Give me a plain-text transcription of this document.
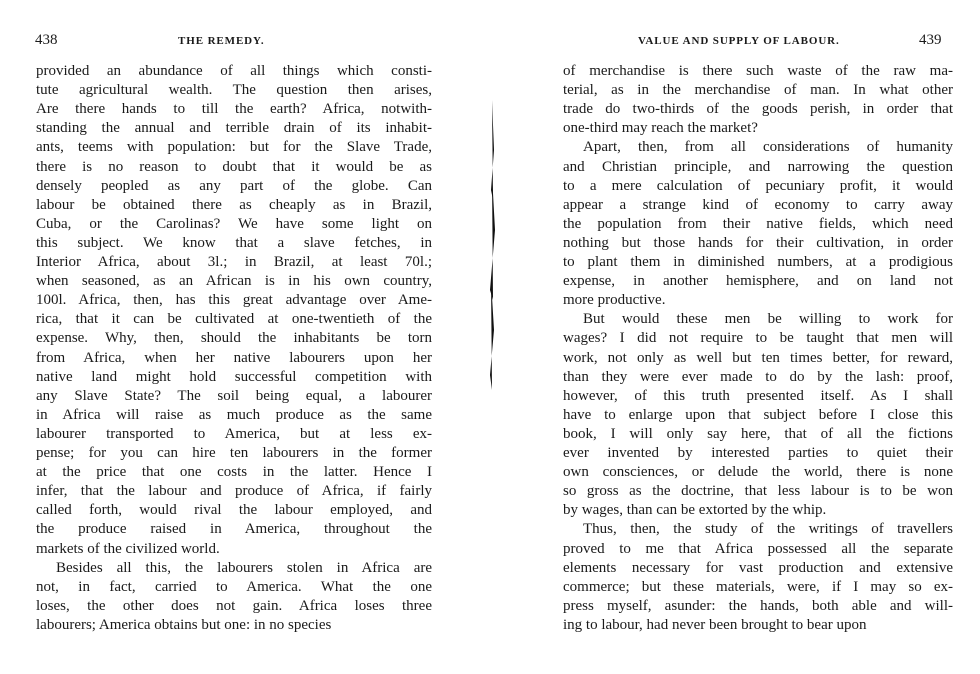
438	THE REMEDY.
provided an abundance of all things which consti-
tute agricultural wealth. The question then arises,
Are there hands to till the earth? Africa, notwith-
standing the annual and terrible drain of its inhabit-
ants, teems with population: but for the Slave Trade,
there is no reason to doubt that it would be as
densely peopled as any part of the globe. Can
labour be obtained there as cheaply as in Brazil,
Cuba, or the Carolinas? We have some light on
this subject. We know that a slave fetches, in
Interior Africa, about 3l.; in Brazil, at least 70l.;
when seasoned, as an African is in his own country,
100l. Africa, then, has this great advantage over Ame-
rica, that it can be cultivated at one-twentieth of the
expense. Why, then, should the inhabitants be torn
from Africa, when her native labourers upon her
native land might hold successful competition with
any Slave State? The soil being equal, a labourer
in Africa will raise as much produce as the same
labourer transported to America, but at less ex-
pense; for you can hire ten labourers in the former
at the price that one costs in the latter. Hence I
infer, that the labour and produce of Africa, if fairly
called forth, would rival the labour employed, and
the produce raised in America, throughout the
markets of the civilized world.
Besides all this, the labourers stolen in Africa are
not, in fact, carried to America. What the one
loses, the other does not gain. Africa loses three
labourers; America obtains but one: in no species
VALUE AND SUPPLY OF LABOUR.	439
of merchandise is there such waste of the raw ma-
terial, as in the merchandise of man. In what other
trade do two-thirds of the goods perish, in order that
one-third may reach the market?
Apart, then, from all considerations of humanity
and Christian principle, and narrowing the question
to a mere calculation of pecuniary profit, it would
appear a strange kind of economy to carry away
the population from their native fields, which need
nothing but those hands for their cultivation, in order
to plant them in diminished numbers, at a prodigious
expense, in another hemisphere, and on land not
more productive.
But would these men be willing to work for
wages? I did not require to be taught that men will
work, not only as well but ten times better, for reward,
than they were ever made to do by the lash: proof,
however, of this truth presented itself. As I shall
have to enlarge upon that subject before I close this
book, I will only say here, that of all the fictions
ever invented by interested parties to quiet their
own consciences, or delude the world, there is none
so gross as the doctrine, that less labour is to be won
by wages, than can be extorted by the whip.
Thus, then, the study of the writings of travellers
proved to me that Africa possessed all the separate
elements necessary for vast production and extensive
commerce; but these materials, were, if I may so ex-
press myself, asunder: the hands, both able and will-
ing to labour, had never been brought to bear upon
